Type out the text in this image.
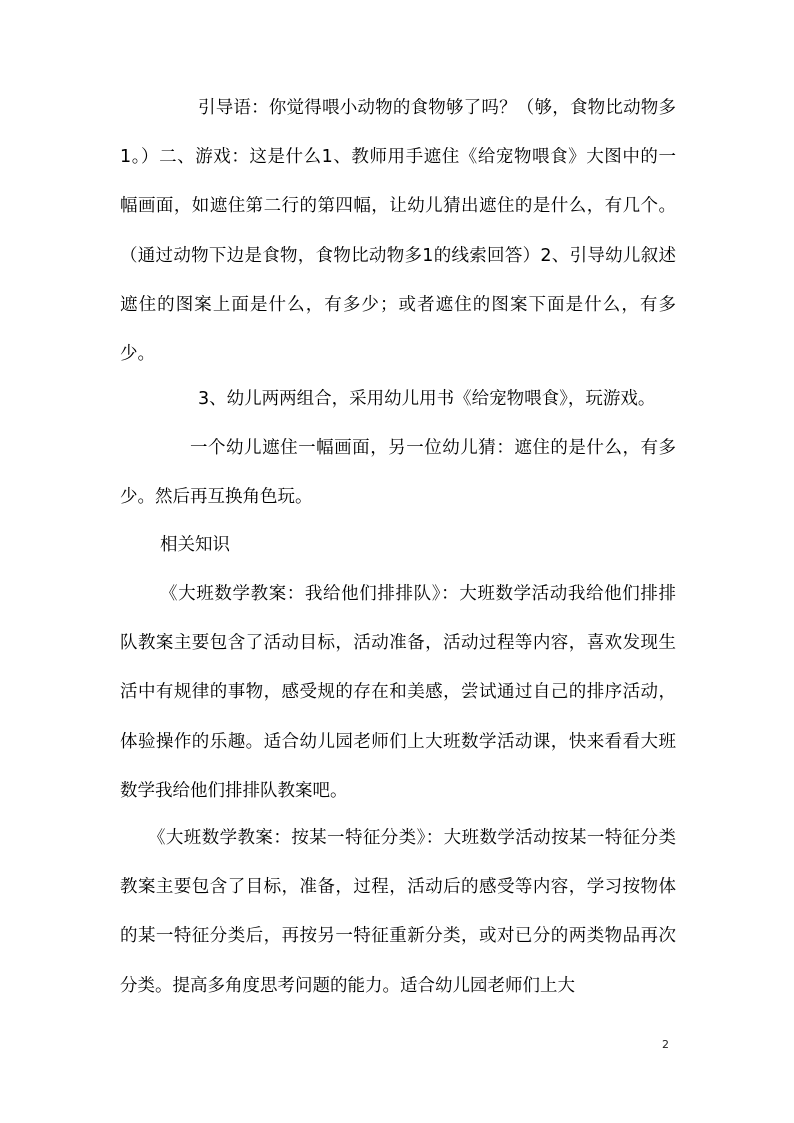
引导语：你觉得喂小动物的食物够了吗？（够，食物比动物多1。）二、游戏：这是什么1、教师用手遮住《给宠物喂食》大图中的一幅画面，如遮住第二行的第四幅，让幼儿猜出遮住的是什么，有几个。（通过动物下边是食物，食物比动物多1的线索回答）2、引导幼儿叙述遮住的图案上面是什么，有多少；或者遮住的图案下面是什么，有多少。

3、幼儿两两组合，采用幼儿用书《给宠物喂食》，玩游戏。

一个幼儿遮住一幅画面，另一位幼儿猜：遮住的是什么，有多少。然后再互换角色玩。

相关知识

《大班数学教案：我给他们排排队》：大班数学活动我给他们排排队教案主要包含了活动目标，活动准备，活动过程等内容，喜欢发现生活中有规律的事物，感受规的存在和美感，尝试通过自己的排序活动，体验操作的乐趣。适合幼儿园老师们上大班数学活动课，快来看看大班数学我给他们排排队教案吧。

《大班数学教案：按某一特征分类》：大班数学活动按某一特征分类教案主要包含了目标，准备，过程，活动后的感受等内容，学习按物体的某一特征分类后，再按另一特征重新分类，或对已分的两类物品再次分类。提高多角度思考问题的能力。适合幼儿园老师们上大

2
